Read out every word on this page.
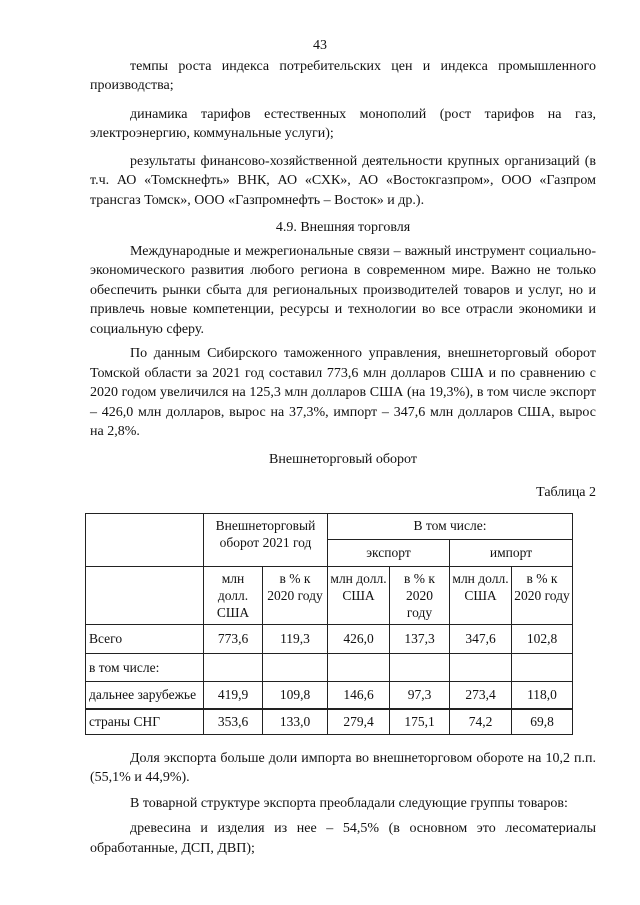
43

темпы роста индекса потребительских цен и индекса промышленного производства;

динамика тарифов естественных монополий (рост тарифов на газ, электроэнергию, коммунальные услуги);

результаты финансово-хозяйственной деятельности крупных организаций (в т.ч. АО «Томскнефть» ВНК, АО «СХК», АО «Востокгазпром», ООО «Газпром трансгаз Томск», ООО «Газпромнефть – Восток» и др.).

4.9. Внешняя торговля

Международные и межрегиональные связи – важный инструмент социально-экономического развития любого региона в современном мире. Важно не только обеспечить рынки сбыта для региональных производителей товаров и услуг, но и привлечь новые компетенции, ресурсы и технологии во все отрасли экономики и социальную сферу.

По данным Сибирского таможенного управления, внешнеторговый оборот Томской области за 2021 год составил 773,6 млн долларов США и по сравнению с 2020 годом увеличился на 125,3 млн долларов США (на 19,3%), в том числе экспорт – 426,0 млн долларов, вырос на 37,3%, импорт – 347,6 млн долларов США, вырос на 2,8%.

Внешнеторговый оборот

Таблица 2

	Внешнеторговый оборот 2021 год		В том числе:			
			экспорт		импорт	
	млн долл. США	в % к 2020 году	млн долл. США	в % к 2020 году	млн долл. США	в % к 2020 году
Всего	773,6	119,3	426,0	137,3	347,6	102,8
в том числе:						
дальнее зарубежье	419,9	109,8	146,6	97,3	273,4	118,0
страны СНГ	353,6	133,0	279,4	175,1	74,2	69,8

Доля экспорта больше доли импорта во внешнеторговом обороте на 10,2 п.п. (55,1% и 44,9%).

В товарной структуре экспорта преобладали следующие группы товаров:

древесина и изделия из нее – 54,5% (в основном это лесоматериалы обработанные, ДСП, ДВП);
